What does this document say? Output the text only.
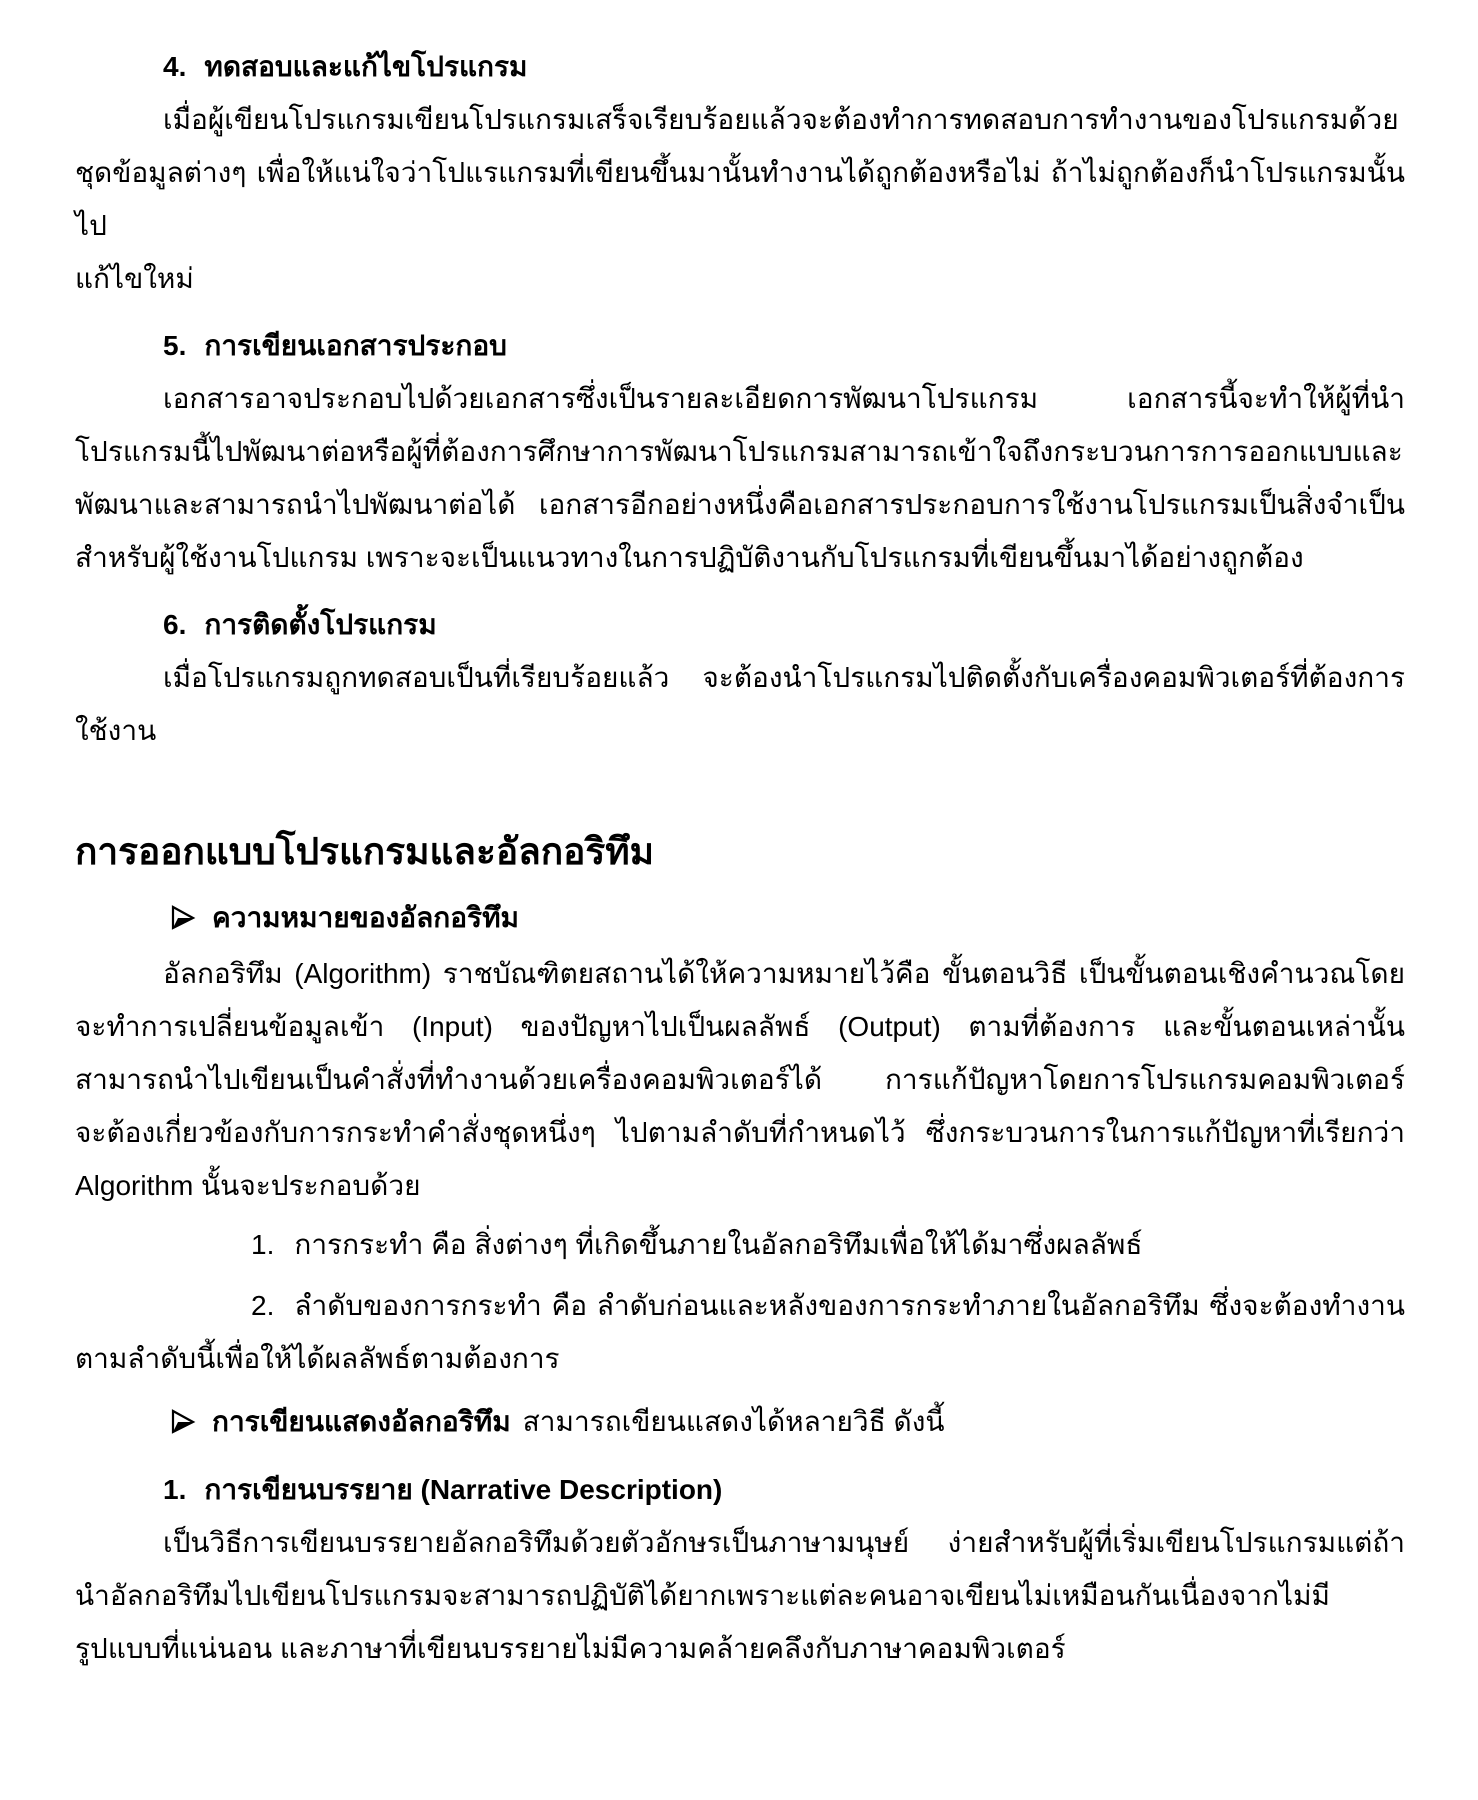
4. ทดสอบและแก้ไขโปรแกรม
เมื่อผู้เขียนโปรแกรมเขียนโปรแกรมเสร็จเรียบร้อยแล้วจะต้องทำการทดสอบการทำงานของโปรแกรมด้วย
ชุดข้อมูลต่างๆ เพื่อให้แน่ใจว่าโปแรแกรมที่เขียนขึ้นมานั้นทำงานได้ถูกต้องหรือไม่ ถ้าไม่ถูกต้องก็นำโปรแกรมนั้นไป
แก้ไขใหม่
5. การเขียนเอกสารประกอบ
เอกสารอาจประกอบไปด้วยเอกสารซึ่งเป็นรายละเอียดการพัฒนาโปรแกรม เอกสารนี้จะทำให้ผู้ที่นำ
โปรแกรมนี้ไปพัฒนาต่อหรือผู้ที่ต้องการศึกษาการพัฒนาโปรแกรมสามารถเข้าใจถึงกระบวนการการออกแบบและ
พัฒนาและสามารถนำไปพัฒนาต่อได้ เอกสารอีกอย่างหนึ่งคือเอกสารประกอบการใช้งานโปรแกรมเป็นสิ่งจำเป็น
สำหรับผู้ใช้งานโปแกรม เพราะจะเป็นแนวทางในการปฏิบัติงานกับโปรแกรมที่เขียนขึ้นมาได้อย่างถูกต้อง
6. การติดตั้งโปรแกรม
เมื่อโปรแกรมถูกทดสอบเป็นที่เรียบร้อยแล้ว จะต้องนำโปรแกรมไปติดตั้งกับเครื่องคอมพิวเตอร์ที่ต้องการ
ใช้งาน
การออกแบบโปรแกรมและอัลกอริทึม
ความหมายของอัลกอริทึม
อัลกอริทึม (Algorithm) ราชบัณฑิตยสถานได้ให้ความหมายไว้คือ ขั้นตอนวิธี เป็นขั้นตอนเชิงคำนวณโดย
จะทำการเปลี่ยนข้อมูลเข้า (Input) ของปัญหาไปเป็นผลลัพธ์ (Output) ตามที่ต้องการ และขั้นตอนเหล่านั้น
สามารถนำไปเขียนเป็นคำสั่งที่ทำงานด้วยเครื่องคอมพิวเตอร์ได้ การแก้ปัญหาโดยการโปรแกรมคอมพิวเตอร์
จะต้องเกี่ยวข้องกับการกระทำคำสั่งชุดหนึ่งๆ ไปตามลำดับที่กำหนดไว้ ซึ่งกระบวนการในการแก้ปัญหาที่เรียกว่า
Algorithm นั้นจะประกอบด้วย
1. การกระทำ คือ สิ่งต่างๆ ที่เกิดขึ้นภายในอัลกอริทึมเพื่อให้ได้มาซึ่งผลลัพธ์
2. ลำดับของการกระทำ คือ ลำดับก่อนและหลังของการกระทำภายในอัลกอริทึม ซึ่งจะต้องทำงาน
ตามลำดับนี้เพื่อให้ได้ผลลัพธ์ตามต้องการ
การเขียนแสดงอัลกอริทึม สามารถเขียนแสดงได้หลายวิธี ดังนี้
1. การเขียนบรรยาย (Narrative Description)
เป็นวิธีการเขียนบรรยายอัลกอริทึมด้วยตัวอักษรเป็นภาษามนุษย์ ง่ายสำหรับผู้ที่เริ่มเขียนโปรแกรมแต่ถ้า
นำอัลกอริทึมไปเขียนโปรแกรมจะสามารถปฏิบัติได้ยากเพราะแต่ละคนอาจเขียนไม่เหมือนกันเนื่องจากไม่มี
รูปแบบที่แน่นอน และภาษาที่เขียนบรรยายไม่มีความคล้ายคลึงกับภาษาคอมพิวเตอร์
